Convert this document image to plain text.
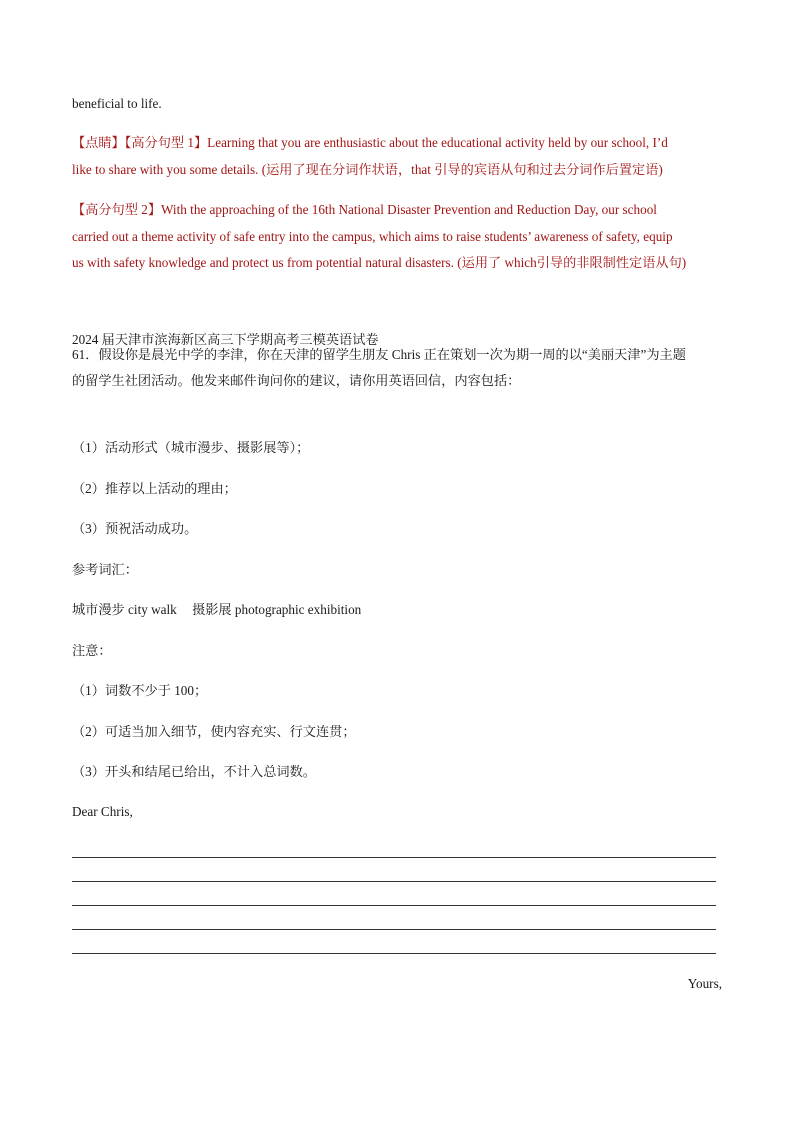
beneficial to life.
【点睛】【高分句型 1】Learning that you are enthusiastic about the educational activity held by our school, I’d
like to share with you some details. (运用了现在分词作状语，that 引导的宾语从句和过去分词作后置定语)
【高分句型 2】With the approaching of the 16th National Disaster Prevention and Reduction Day, our school
carried out a theme activity of safe entry into the campus, which aims to raise students’ awareness of safety, equip
us with safety knowledge and protect us from potential natural disasters. (运用了 which引导的非限制性定语从句)
2024 届天津市滨海新区高三下学期高考三模英语试卷
61．假设你是晨光中学的李津，你在天津的留学生朋友 Chris 正在策划一次为期一周的以“美丽天津”为主题
的留学生社团活动。他发来邮件询问你的建议，请你用英语回信，内容包括：
（1）活动形式（城市漫步、摄影展等）；
（2）推荐以上活动的理由；
（3）预祝活动成功。
参考词汇：
城市漫步 city walk 摄影展 photographic exhibition
注意：
（1）词数不少于 100；
（2）可适当加入细节，使内容充实、行文连贯；
（3）开头和结尾已给出，不计入总词数。
Dear Chris,
Yours,
